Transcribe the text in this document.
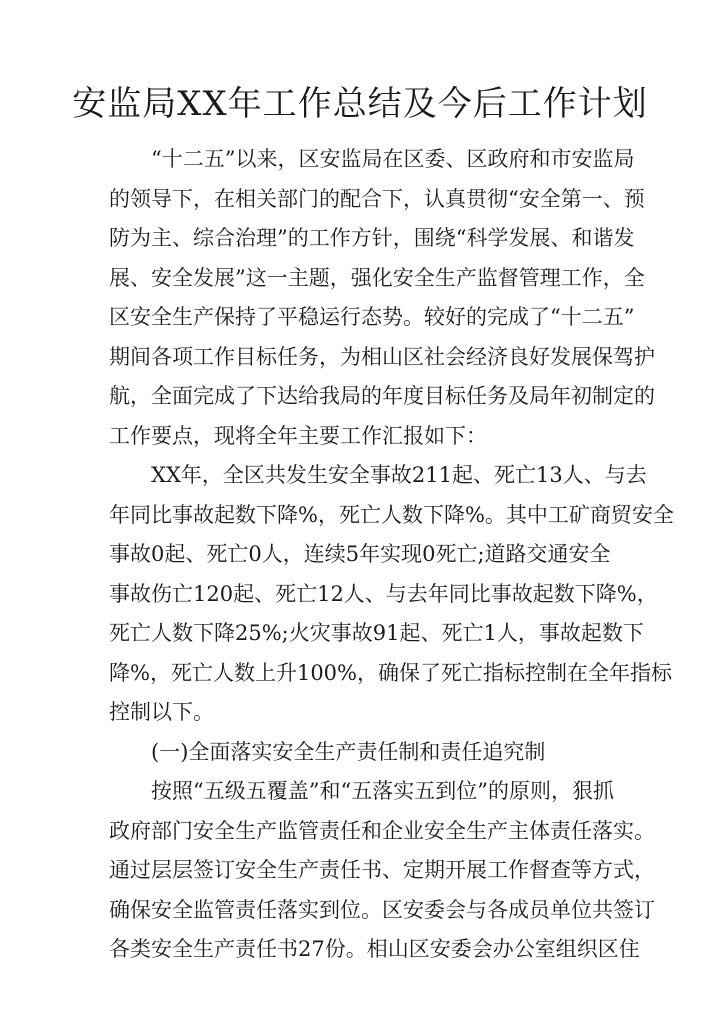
安监局XX年工作总结及今后工作计划
“十二五”以来，区安监局在区委、区政府和市安监局
的领导下，在相关部门的配合下，认真贯彻“安全第一、预
防为主、综合治理”的工作方针，围绕“科学发展、和谐发
展、安全发展”这一主题，强化安全生产监督管理工作，全
区安全生产保持了平稳运行态势。较好的完成了“十二五”
期间各项工作目标任务，为相山区社会经济良好发展保驾护
航，全面完成了下达给我局的年度目标任务及局年初制定的
工作要点，现将全年主要工作汇报如下：
XX年，全区共发生安全事故211起、死亡13人、与去
年同比事故起数下降%，死亡人数下降%。其中工矿商贸安全
事故0起、死亡0人，连续5年实现0死亡;道路交通安全
事故伤亡120起、死亡12人、与去年同比事故起数下降%，
死亡人数下降25%;火灾事故91起、死亡1人，事故起数下
降%，死亡人数上升100%，确保了死亡指标控制在全年指标
控制以下。
(一)全面落实安全生产责任制和责任追究制
按照“五级五覆盖”和“五落实五到位”的原则，狠抓
政府部门安全生产监管责任和企业安全生产主体责任落实。
通过层层签订安全生产责任书、定期开展工作督查等方式，
确保安全监管责任落实到位。区安委会与各成员单位共签订
各类安全生产责任书27份。相山区安委会办公室组织区住
